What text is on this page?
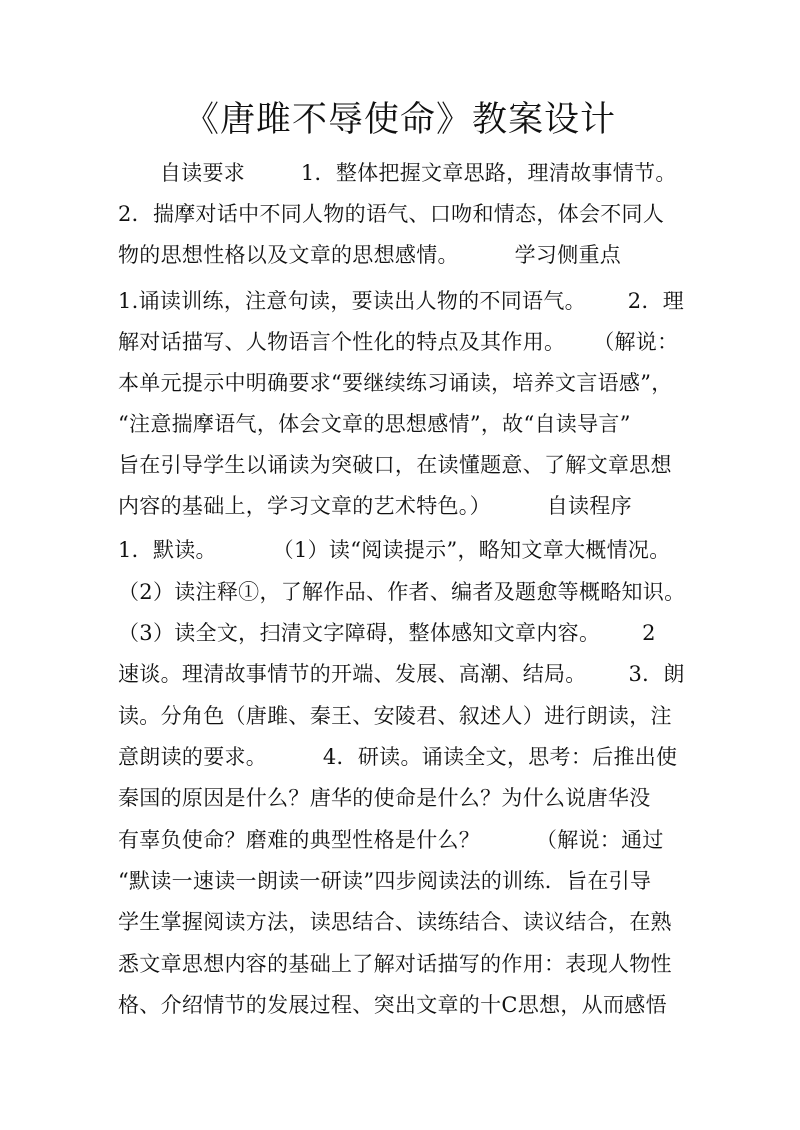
《唐雎不辱使命》教案设计
自读要求        1．整体把握文章思路，理清故事情节。
2．揣摩对话中不同人物的语气、口吻和情态，体会不同人
物的思想性格以及文章的思想感情。        学习侧重点
1.诵读训练，注意句读，要读出人物的不同语气。      2．理
解对话描写、人物语言个性化的特点及其作用。    （解说：
本单元提示中明确要求“要继续练习诵读，培养文言语感”，
“注意揣摩语气，体会文章的思想感情”，故“自读导言”
旨在引导学生以诵读为突破口，在读懂题意、了解文章思想
内容的基础上，学习文章的艺术特色。）        自读程序
1．默读。        （1）读“阅读提示”，略知文章大概情况。
（2）读注释①，了解作品、作者、编者及题愈等概略知识。
（3）读全文，扫清文字障碍，整体感知文章内容。      2
速谈。理清故事情节的开端、发展、高潮、结局。      3．朗
读。分角色（唐雎、秦王、安陵君、叙述人）进行朗读，注
意朗读的要求。        4．研读。诵读全文，思考：后推出使
秦国的原因是什么？唐华的使命是什么？为什么说唐华没
有辜负使命？磨难的典型性格是什么？        （解说：通过
“默读一速读一朗读一研读”四步阅读法的训练．旨在引导
学生掌握阅读方法，读思结合、读练结合、读议结合，在熟
悉文章思想内容的基础上了解对话描写的作用：表现人物性
格、介绍情节的发展过程、突出文章的十C思想，从而感悟
